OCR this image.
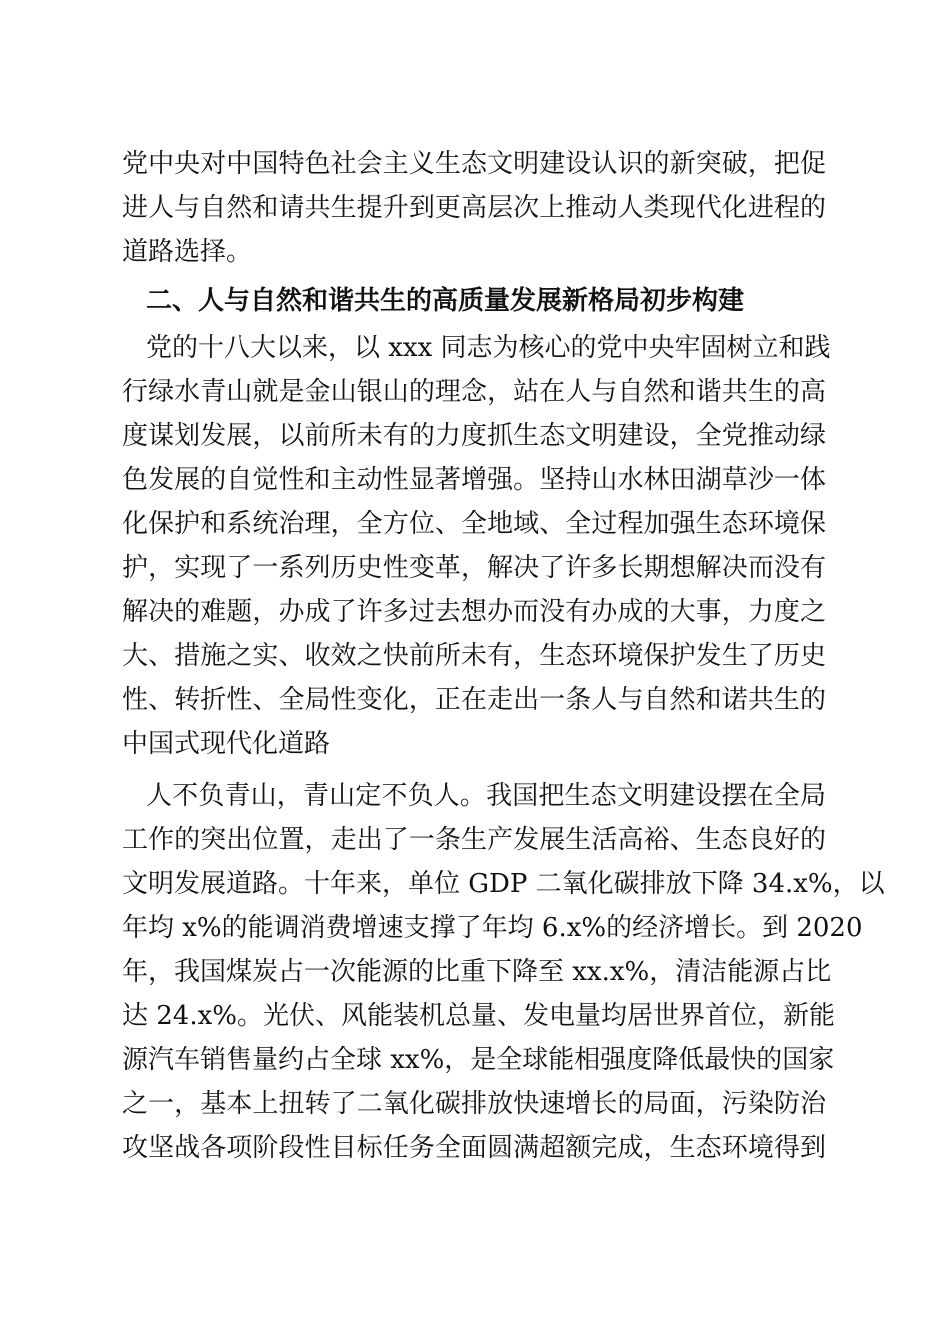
党中央对中国特色社会主义生态文明建设认识的新突破，把促
进人与自然和请共生提升到更高层次上推动人类现代化进程的
道路选择。
二、人与自然和谐共生的高质量发展新格局初步构建
党的十八大以来，以 xxx 同志为核心的党中央牢固树立和践
行绿水青山就是金山银山的理念，站在人与自然和谐共生的高
度谋划发展，以前所未有的力度抓生态文明建设，全党推动绿
色发展的自觉性和主动性显著增强。坚持山水林田湖草沙一体
化保护和系统治理，全方位、全地域、全过程加强生态环境保
护，实现了一系列历史性变革，解决了许多长期想解决而没有
解决的难题，办成了许多过去想办而没有办成的大事，力度之
大、措施之实、收效之快前所未有，生态环境保护发生了历史
性、转折性、全局性变化，正在走出一条人与自然和诺共生的
中国式现代化道路
人不负青山，青山定不负人。我国把生态文明建设摆在全局
工作的突出位置，走出了一条生产发展生活高裕、生态良好的
文明发展道路。十年来，单位 GDP 二氧化碳排放下降 34.x%，以
年均 x%的能调消费增速支撑了年均 6.x%的经济增长。到 2020
年，我国煤炭占一次能源的比重下降至 xx.x%，清洁能源占比
达 24.x%。光伏、风能装机总量、发电量均居世界首位，新能
源汽车销售量约占全球 xx%，是全球能相强度降低最快的国家
之一，基本上扭转了二氧化碳排放快速增长的局面，污染防治
攻坚战各项阶段性目标任务全面圆满超额完成，生态环境得到
